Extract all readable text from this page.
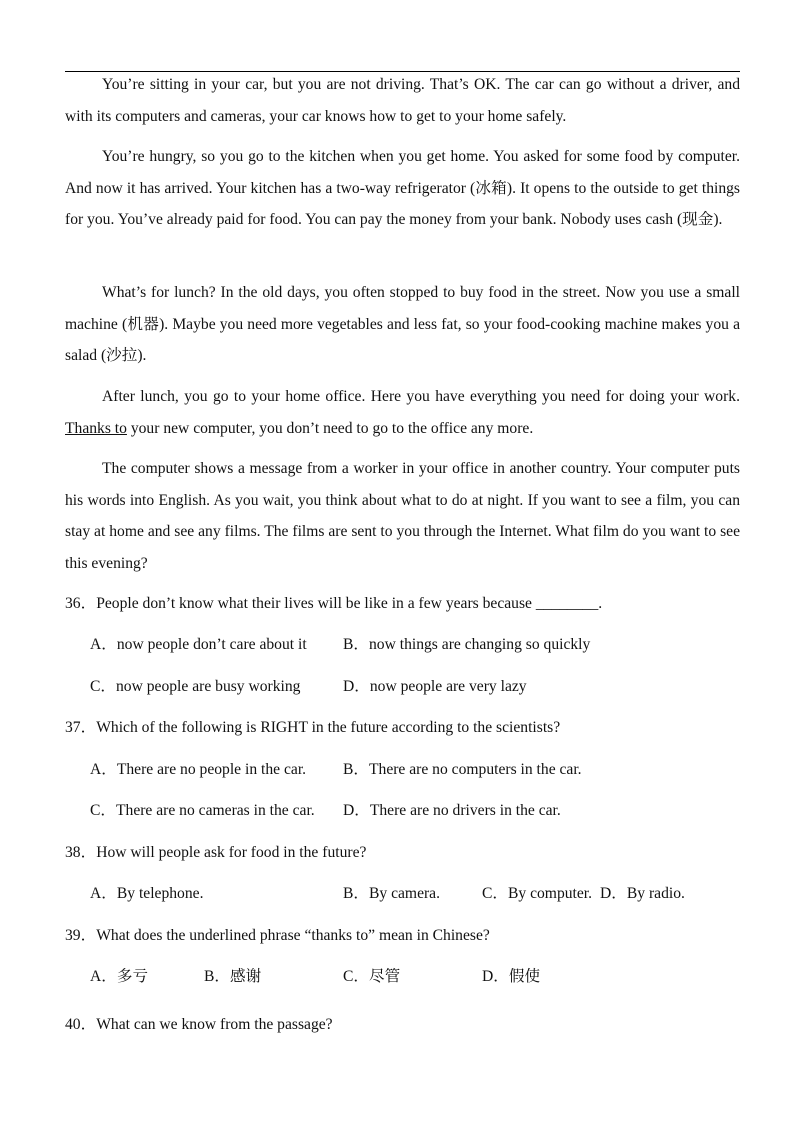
You’re sitting in your car, but you are not driving. That’s OK. The car can go without a driver, and with its computers and cameras, your car knows how to get to your home safely.

You’re hungry, so you go to the kitchen when you get home. You asked for some food by computer. And now it has arrived. Your kitchen has a two-way refrigerator (冰箱). It opens to the outside to get things for you. You’ve already paid for food. You can pay the money from your bank. Nobody uses cash (现金).

What’s for lunch? In the old days, you often stopped to buy food in the street. Now you use a small machine (机器). Maybe you need more vegetables and less fat, so your food-cooking machine makes you a salad (沙拉).

After lunch, you go to your home office. Here you have everything you need for doing your work. Thanks to your new computer, you don’t need to go to the office any more.

The computer shows a message from a worker in your office in another country. Your computer puts his words into English. As you wait, you think about what to do at night. If you want to see a film, you can stay at home and see any films. The films are sent to you through the Internet. What film do you want to see this evening?

36．People don’t know what their lives will be like in a few years because ________.
A．now people don’t care about it B．now things are changing so quickly
C．now people are busy working	D．now people are very lazy
37．Which of the following is RIGHT in the future according to the scientists?
A．There are no people in the car. B．There are no computers in the car.
C．There are no cameras in the car. D．There are no drivers in the car.
38．How will people ask for food in the future?
A．By telephone.	B．By camera.	C．By computer. D．By radio.
39．What does the underlined phrase “thanks to” mean in Chinese?
A．多亏	B．感谢	C．尽管	D．假使
40．What can we know from the passage?
